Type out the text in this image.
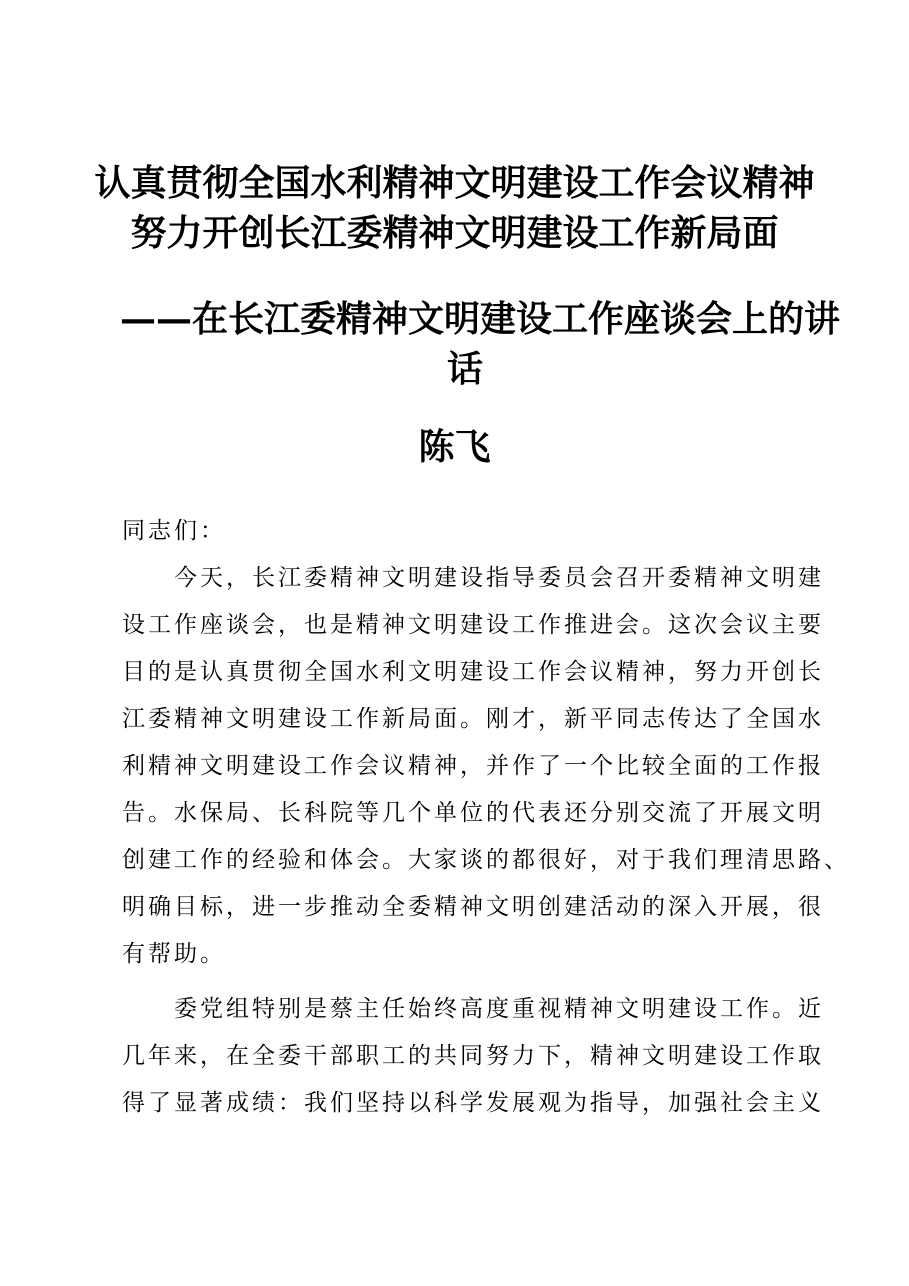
认真贯彻全国水利精神文明建设工作会议精神
努力开创长江委精神文明建设工作新局面
——在长江委精神文明建设工作座谈会上的讲
话
陈飞
同志们：
今天，长江委精神文明建设指导委员会召开委精神文明建
设工作座谈会，也是精神文明建设工作推进会。这次会议主要
目的是认真贯彻全国水利文明建设工作会议精神，努力开创长
江委精神文明建设工作新局面。刚才，新平同志传达了全国水
利精神文明建设工作会议精神，并作了一个比较全面的工作报
告。水保局、长科院等几个单位的代表还分别交流了开展文明
创建工作的经验和体会。大家谈的都很好，对于我们理清思路、
明确目标，进一步推动全委精神文明创建活动的深入开展，很
有帮助。
委党组特别是蔡主任始终高度重视精神文明建设工作。近
几年来，在全委干部职工的共同努力下，精神文明建设工作取
得了显著成绩：我们坚持以科学发展观为指导，加强社会主义
